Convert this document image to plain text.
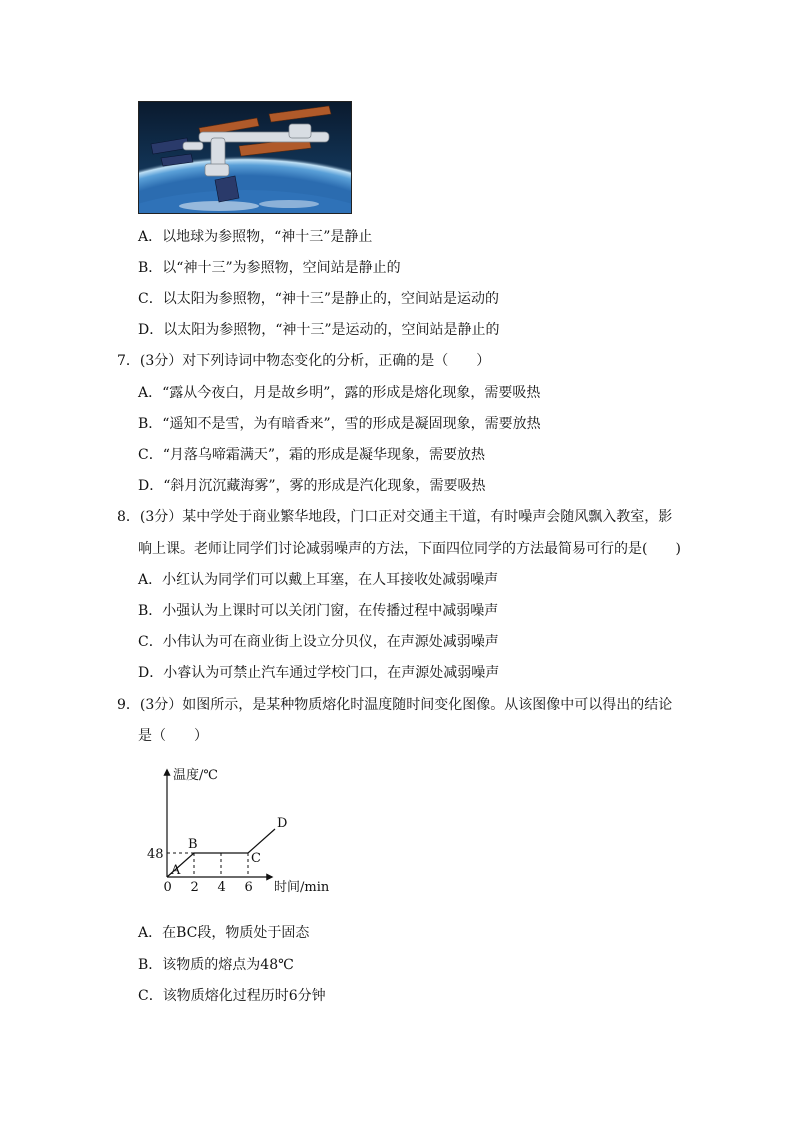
A．以地球为参照物，“神十三”是静止
B．以“神十三”为参照物，空间站是静止的
C．以太阳为参照物，“神十三”是静止的，空间站是运动的
D．以太阳为参照物，“神十三”是运动的，空间站是静止的
7．(3分）对下列诗词中物态变化的分析，正确的是（　　）
A．“露从今夜白，月是故乡明”，露的形成是熔化现象，需要吸热
B．“遥知不是雪，为有暗香来”，雪的形成是凝固现象，需要放热
C．“月落乌啼霜满天”，霜的形成是凝华现象，需要放热
D．“斜月沉沉藏海雾”，雾的形成是汽化现象，需要吸热
8．(3分）某中学处于商业繁华地段，门口正对交通主干道，有时噪声会随风飘入教室，影
响上课。老师让同学们讨论减弱噪声的方法，下面四位同学的方法最简易可行的是(　　)
A．小红认为同学们可以戴上耳塞，在人耳接收处减弱噪声
B．小强认为上课时可以关闭门窗，在传播过程中减弱噪声
C．小伟认为可在商业街上设立分贝仪，在声源处减弱噪声
D．小睿认为可禁止汽车通过学校门口，在声源处减弱噪声
9．(3分）如图所示，是某种物质熔化时温度随时间变化图像。从该图像中可以得出的结论
是（　　）
温度/℃
时间/min
0 2 4 6
48
A
B
C
D
A．在BC段，物质处于固态
B．该物质的熔点为48℃
C．该物质熔化过程历时6分钟
